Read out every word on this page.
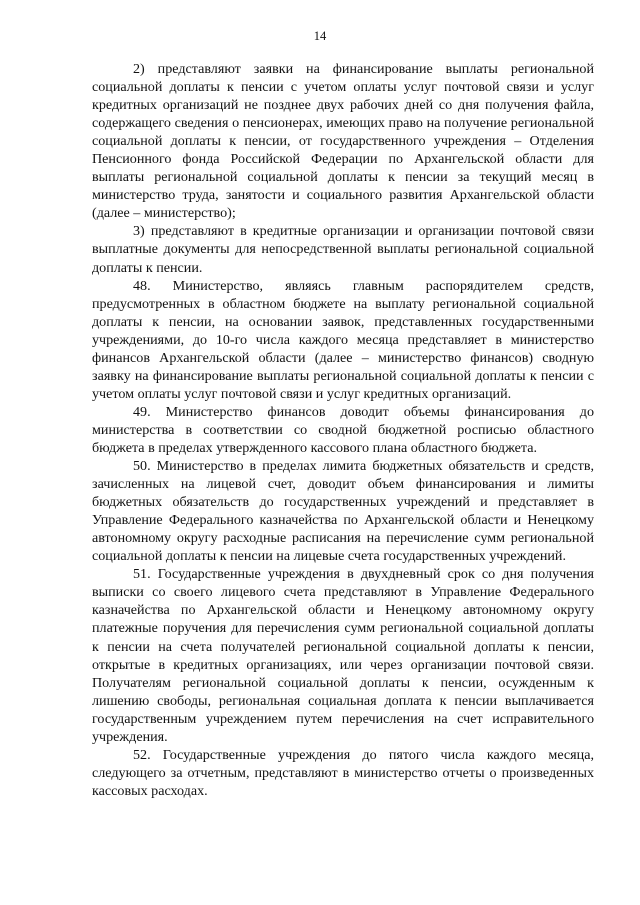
14

2) представляют заявки на финансирование выплаты региональной социальной доплаты к пенсии с учетом оплаты услуг почтовой связи и услуг кредитных организаций не позднее двух рабочих дней со дня получения файла, содержащего сведения о пенсионерах, имеющих право на получение региональной социальной доплаты к пенсии, от государственного учреждения – Отделения Пенсионного фонда Российской Федерации по Архангельской области для выплаты региональной социальной доплаты к пенсии за текущий месяц в министерство труда, занятости и социального развития Архангельской области (далее – министерство);

3) представляют в кредитные организации и организации почтовой связи выплатные документы для непосредственной выплаты региональной социальной доплаты к пенсии.

48. Министерство, являясь главным распорядителем средств, предусмотренных в областном бюджете на выплату региональной социальной доплаты к пенсии, на основании заявок, представленных государственными учреждениями, до 10-го числа каждого месяца представляет в министерство финансов Архангельской области (далее – министерство финансов) сводную заявку на финансирование выплаты региональной социальной доплаты к пенсии с учетом оплаты услуг почтовой связи и услуг кредитных организаций.

49. Министерство финансов доводит объемы финансирования до министерства в соответствии со сводной бюджетной росписью областного бюджета в пределах утвержденного кассового плана областного бюджета.

50. Министерство в пределах лимита бюджетных обязательств и средств, зачисленных на лицевой счет, доводит объем финансирования и лимиты бюджетных обязательств до государственных учреждений и представляет в Управление Федерального казначейства по Архангельской области и Ненецкому автономному округу расходные расписания на перечисление сумм региональной социальной доплаты к пенсии на лицевые счета государственных учреждений.

51. Государственные учреждения в двухдневный срок со дня получения выписки со своего лицевого счета представляют в Управление Федерального казначейства по Архангельской области и Ненецкому автономному округу платежные поручения для перечисления сумм региональной социальной доплаты к пенсии на счета получателей региональной социальной доплаты к пенсии, открытые в кредитных организациях, или через организации почтовой связи. Получателям региональной социальной доплаты к пенсии, осужденным к лишению свободы, региональная социальная доплата к пенсии выплачивается государственным учреждением путем перечисления на счет исправительного учреждения.

52. Государственные учреждения до пятого числа каждого месяца, следующего за отчетным, представляют в министерство отчеты о произведенных кассовых расходах.
